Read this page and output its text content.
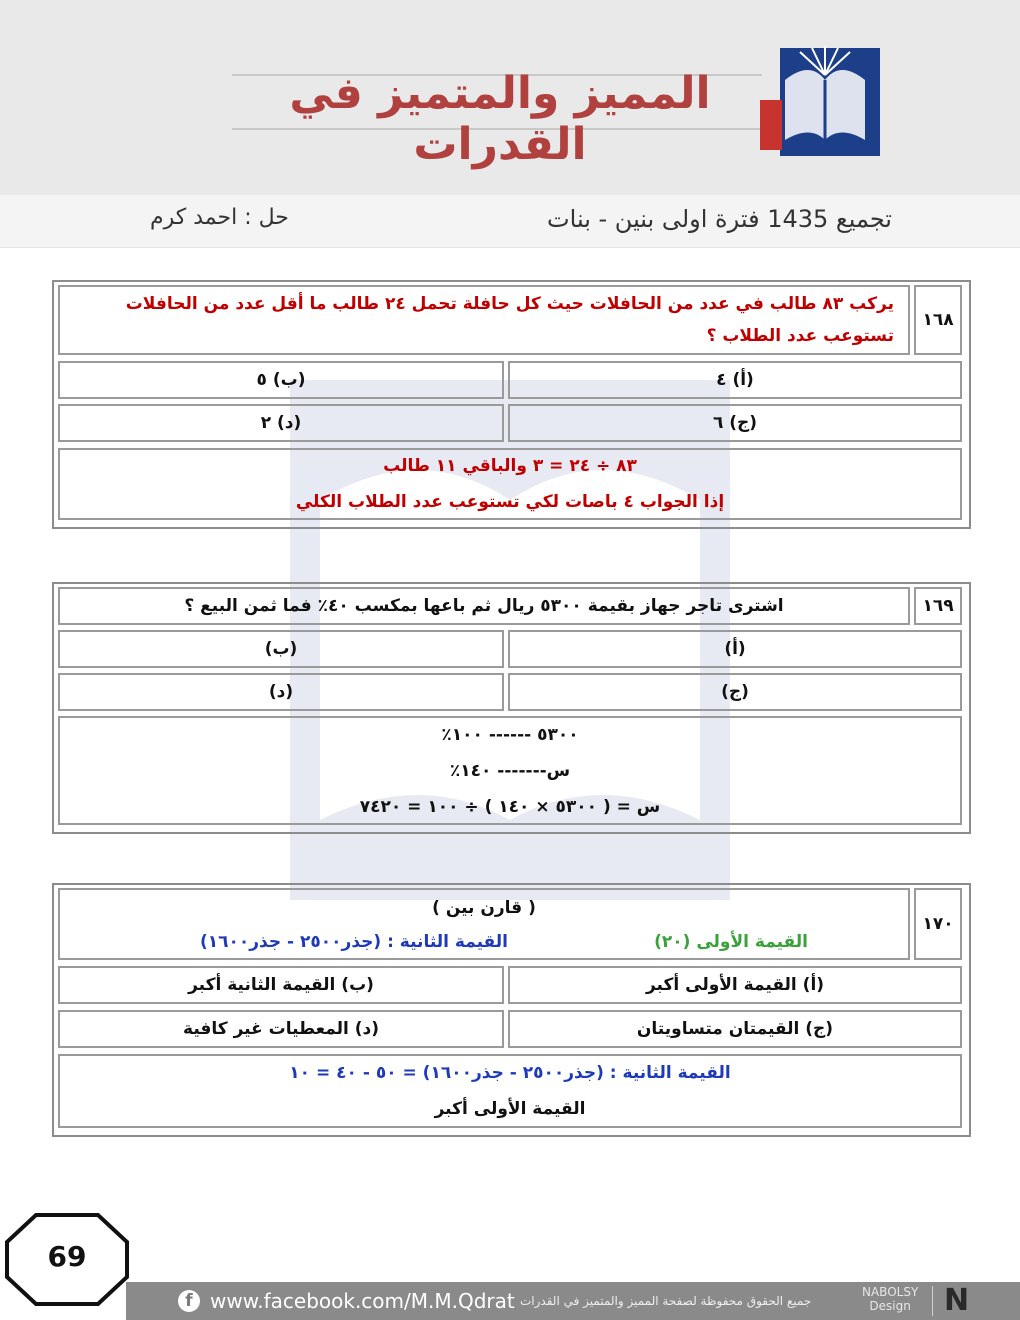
المميز والمتميز في القدرات
تجميع 1435 فترة اولى بنين - بنات
حل : احمد كرم
١٦٨
يركب ٨٣ طالب في عدد من الحافلات حيث كل حافلة تحمل ٢٤ طالب ما أقل عدد من الحافلات تستوعب عدد الطلاب ؟
(أ) ٤
(ب) ٥
(ج) ٦
(د) ٢
٨٣ ÷ ٢٤ = ٣ والباقي ١١ طالب
إذا الجواب ٤ باصات لكي تستوعب عدد الطلاب الكلي
١٦٩
اشترى تاجر جهاز بقيمة ٥٣٠٠ ريال ثم باعها بمكسب ٤٠٪ فما ثمن البيع ؟
(أ)
(ب)
(ج)
(د)
٥٣٠٠ ------ ١٠٠٪
س------- ١٤٠٪
س = ( ٥٣٠٠ × ١٤٠ ) ÷ ١٠٠ = ٧٤٢٠
١٧٠
( قارن بين )
القيمة الأولى (٢٠)
القيمة الثانية : (جذر٢٥٠٠ - جذر١٦٠٠)
(أ) القيمة الأولى أكبر
(ب) القيمة الثانية أكبر
(ج) القيمتان متساويتان
(د) المعطيات غير كافية
القيمة الثانية : (جذر٢٥٠٠ - جذر١٦٠٠) = ٥٠ - ٤٠ = ١٠
القيمة الأولى أكبر
69
f www.facebook.com/M.M.Qdrat جميع الحقوق محفوظة لصفحة المميز والمتميز في القدرات
NABOLSY
Design N
